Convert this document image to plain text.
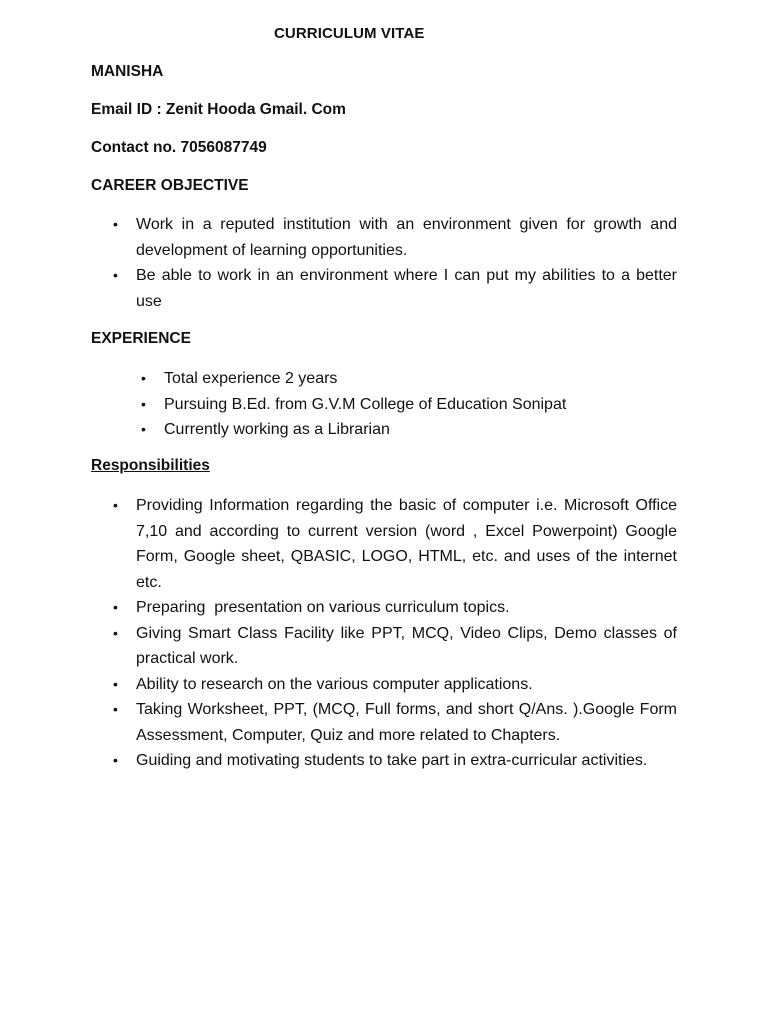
CURRICULUM VITAE
MANISHA
Email ID : Zenit Hooda Gmail. Com
Contact no. 7056087749
CAREER OBJECTIVE
• Work in a reputed institution with an environment given for growth and development of learning opportunities.
• Be able to work in an environment where I can put my abilities to a better use
EXPERIENCE
• Total experience 2 years
• Pursuing B.Ed. from G.V.M College of Education Sonipat
• Currently working as a Librarian
Responsibilities
• Providing Information regarding the basic of computer i.e. Microsoft Office 7,10 and according to current version (word , Excel Powerpoint) Google Form, Google sheet, QBASIC, LOGO, HTML, etc. and uses of the internet etc.
• Preparing  presentation on various curriculum topics.
• Giving Smart Class Facility like PPT, MCQ, Video Clips, Demo classes of practical work.
• Ability to research on the various computer applications.
• Taking Worksheet, PPT, (MCQ, Full forms, and short Q/Ans. ).Google Form Assessment, Computer, Quiz and more related to Chapters.
• Guiding and motivating students to take part in extra-curricular activities.
